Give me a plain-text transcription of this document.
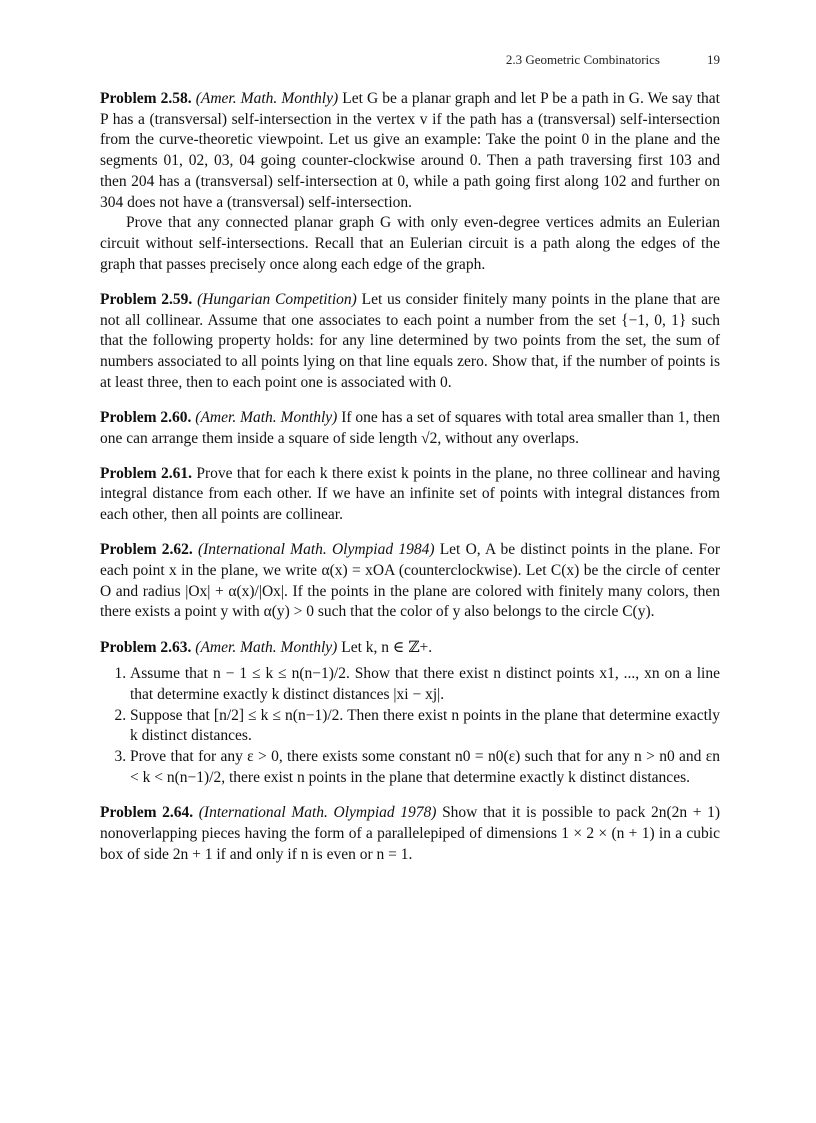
2.3 Geometric Combinatorics	19

Problem 2.58. (Amer. Math. Monthly) Let G be a planar graph and let P be a path in G. We say that P has a (transversal) self-intersection in the vertex v if the path has a (transversal) self-intersection from the curve-theoretic viewpoint. Let us give an example: Take the point 0 in the plane and the segments 01, 02, 03, 04 going counter-clockwise around 0. Then a path traversing first 103 and then 204 has a (transversal) self-intersection at 0, while a path going first along 102 and further on 304 does not have a (transversal) self-intersection.

Prove that any connected planar graph G with only even-degree vertices admits an Eulerian circuit without self-intersections. Recall that an Eulerian circuit is a path along the edges of the graph that passes precisely once along each edge of the graph.

Problem 2.59. (Hungarian Competition) Let us consider finitely many points in the plane that are not all collinear. Assume that one associates to each point a number from the set {−1, 0, 1} such that the following property holds: for any line determined by two points from the set, the sum of numbers associated to all points lying on that line equals zero. Show that, if the number of points is at least three, then to each point one is associated with 0.

Problem 2.60. (Amer. Math. Monthly) If one has a set of squares with total area smaller than 1, then one can arrange them inside a square of side length √2, without any overlaps.

Problem 2.61. Prove that for each k there exist k points in the plane, no three collinear and having integral distance from each other. If we have an infinite set of points with integral distances from each other, then all points are collinear.

Problem 2.62. (International Math. Olympiad 1984) Let O, A be distinct points in the plane. For each point x in the plane, we write α(x) = xOA (counterclockwise). Let C(x) be the circle of center O and radius |Ox| + α(x)/|Ox|. If the points in the plane are colored with finitely many colors, then there exists a point y with α(y) > 0 such that the color of y also belongs to the circle C(y).

Problem 2.63. (Amer. Math. Monthly) Let k, n ∈ ℤ+.

1. Assume that n − 1 ≤ k ≤ n(n−1)/2. Show that there exist n distinct points x1, ..., xn on a line that determine exactly k distinct distances |xi − xj|.
2. Suppose that [n/2] ≤ k ≤ n(n−1)/2. Then there exist n points in the plane that determine exactly k distinct distances.
3. Prove that for any ε > 0, there exists some constant n0 = n0(ε) such that for any n > n0 and εn < k < n(n−1)/2, there exist n points in the plane that determine exactly k distinct distances.

Problem 2.64. (International Math. Olympiad 1978) Show that it is possible to pack 2n(2n + 1) nonoverlapping pieces having the form of a parallelepiped of dimensions 1 × 2 × (n + 1) in a cubic box of side 2n + 1 if and only if n is even or n = 1.
